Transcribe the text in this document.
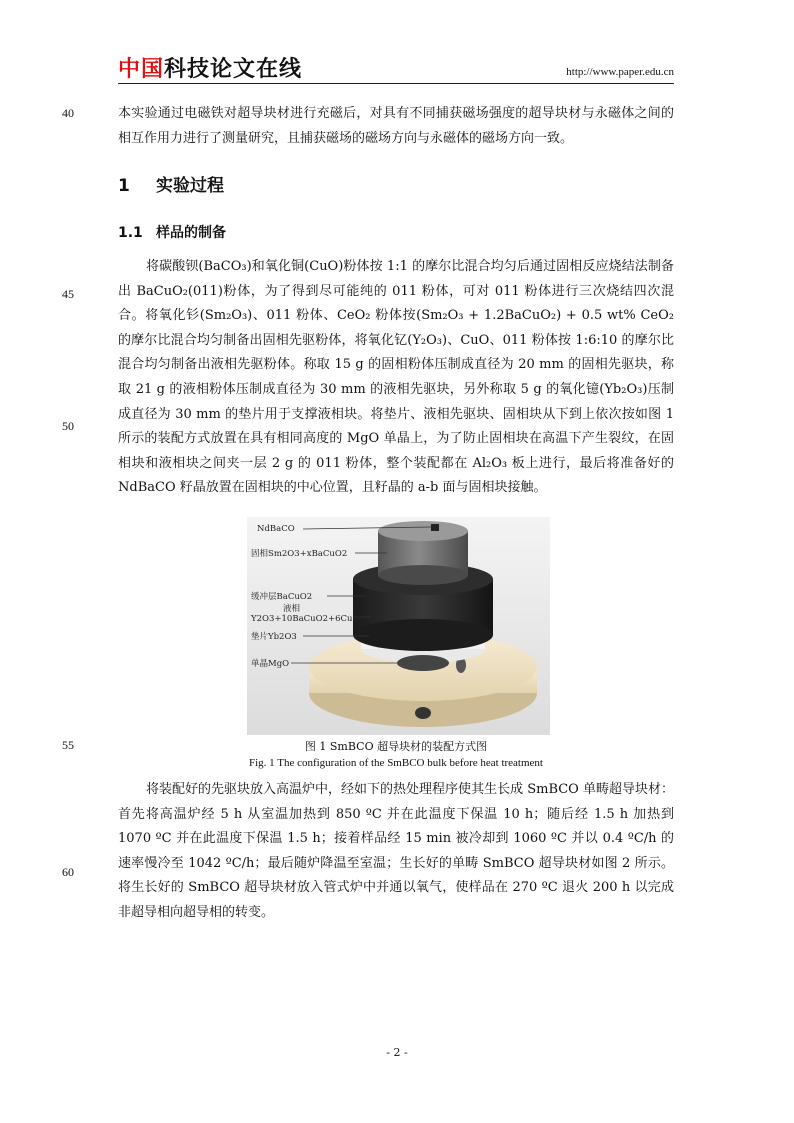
中国科技论文在线	http://www.paper.edu.cn
40
45
50
55
60

本实验通过电磁铁对超导块材进行充磁后，对具有不同捕获磁场强度的超导块材与永磁体之间的相互作用力进行了测量研究，且捕获磁场的磁场方向与永磁体的磁场方向一致。

1 实验过程
1.1 样品的制备

将碳酸钡(BaCO₃)和氧化铜(CuO)粉体按 1:1 的摩尔比混合均匀后通过固相反应烧结法制备出 BaCuO₂(011)粉体，为了得到尽可能纯的 011 粉体，可对 011 粉体进行三次烧结四次混合。将氧化钐(Sm₂O₃)、011 粉体、CeO₂ 粉体按(Sm₂O₃ + 1.2BaCuO₂) + 0.5 wt% CeO₂ 的摩尔比混合均匀制备出固相先驱粉体，将氧化钇(Y₂O₃)、CuO、011 粉体按 1:6:10 的摩尔比混合均匀制备出液相先驱粉体。称取 15 g 的固相粉体压制成直径为 20 mm 的固相先驱块，称取 21 g 的液相粉体压制成直径为 30 mm 的液相先驱块，另外称取 5 g 的氧化镱(Yb₂O₃)压制成直径为 30 mm 的垫片用于支撑液相块。将垫片、液相先驱块、固相块从下到上依次按如图 1 所示的装配方式放置在具有相同高度的 MgO 单晶上，为了防止固相块在高温下产生裂纹，在固相块和液相块之间夹一层 2 g 的 011 粉体，整个装配都在 Al₂O₃ 板上进行，最后将准备好的 NdBaCO 籽晶放置在固相块的中心位置，且籽晶的 a-b 面与固相块接触。

NdBaCO
固相Sm2O3+xBaCuO2
缓冲层BaCuO2
液相
Y2O3+10BaCuO2+6CuO
垫片Yb2O3
单晶MgO
图 1 SmBCO 超导块材的装配方式图
Fig. 1 The configuration of the SmBCO bulk before heat treatment

将装配好的先驱块放入高温炉中，经如下的热处理程序使其生长成 SmBCO 单畴超导块材：首先将高温炉经 5 h 从室温加热到 850 ºC 并在此温度下保温 10 h；随后经 1.5 h 加热到 1070 ºC 并在此温度下保温 1.5 h；接着样品经 15 min 被冷却到 1060 ºC 并以 0.4 ºC/h 的速率慢冷至 1042 ºC/h；最后随炉降温至室温；生长好的单畴 SmBCO 超导块材如图 2 所示。将生长好的 SmBCO 超导块材放入管式炉中并通以氧气，使样品在 270 ºC 退火 200 h 以完成非超导相向超导相的转变。

- 2 -
